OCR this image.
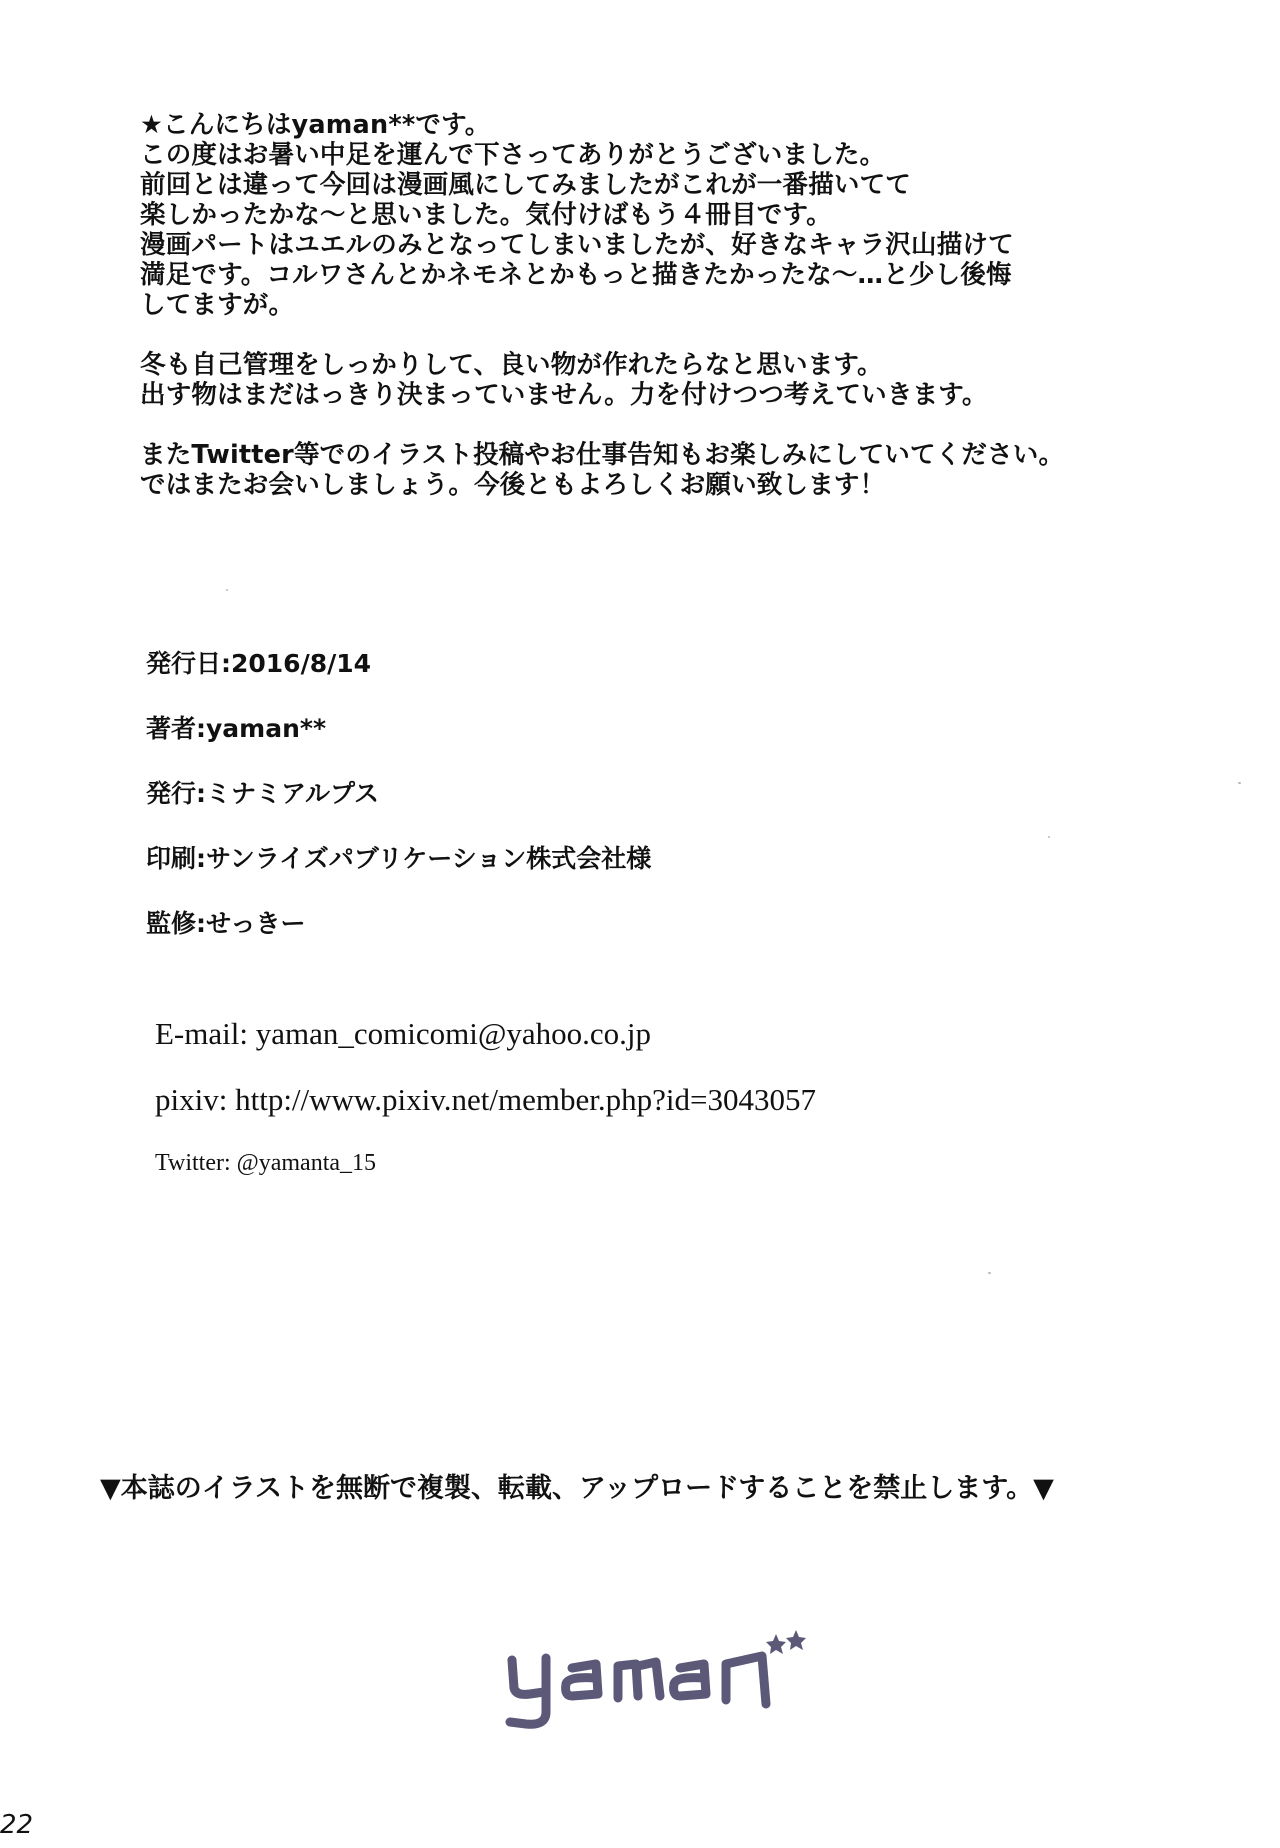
★こんにちはyaman**です。
この度はお暑い中足を運んで下さってありがとうございました。
前回とは違って今回は漫画風にしてみましたがこれが一番描いてて
楽しかったかな〜と思いました。気付けばもう４冊目です。
漫画パートはユエルのみとなってしまいましたが、好きなキャラ沢山描けて
満足です。コルワさんとかネモネとかもっと描きたかったな〜…と少し後悔
してますが。
冬も自己管理をしっかりして、良い物が作れたらなと思います。
出す物はまだはっきり決まっていません。力を付けつつ考えていきます。
またTwitter等でのイラスト投稿やお仕事告知もお楽しみにしていてください。
ではまたお会いしましょう。今後ともよろしくお願い致します！
発行日:2016/8/14
著者:yaman**
発行:ミナミアルプス
印刷:サンライズパブリケーション株式会社様
監修:せっきー
E-mail: yaman_comicomi@yahoo.co.jp
pixiv: http://www.pixiv.net/member.php?id=3043057
Twitter: @yamanta_15
▼本誌のイラストを無断で複製、転載、アップロードすることを禁止します。▼
22
